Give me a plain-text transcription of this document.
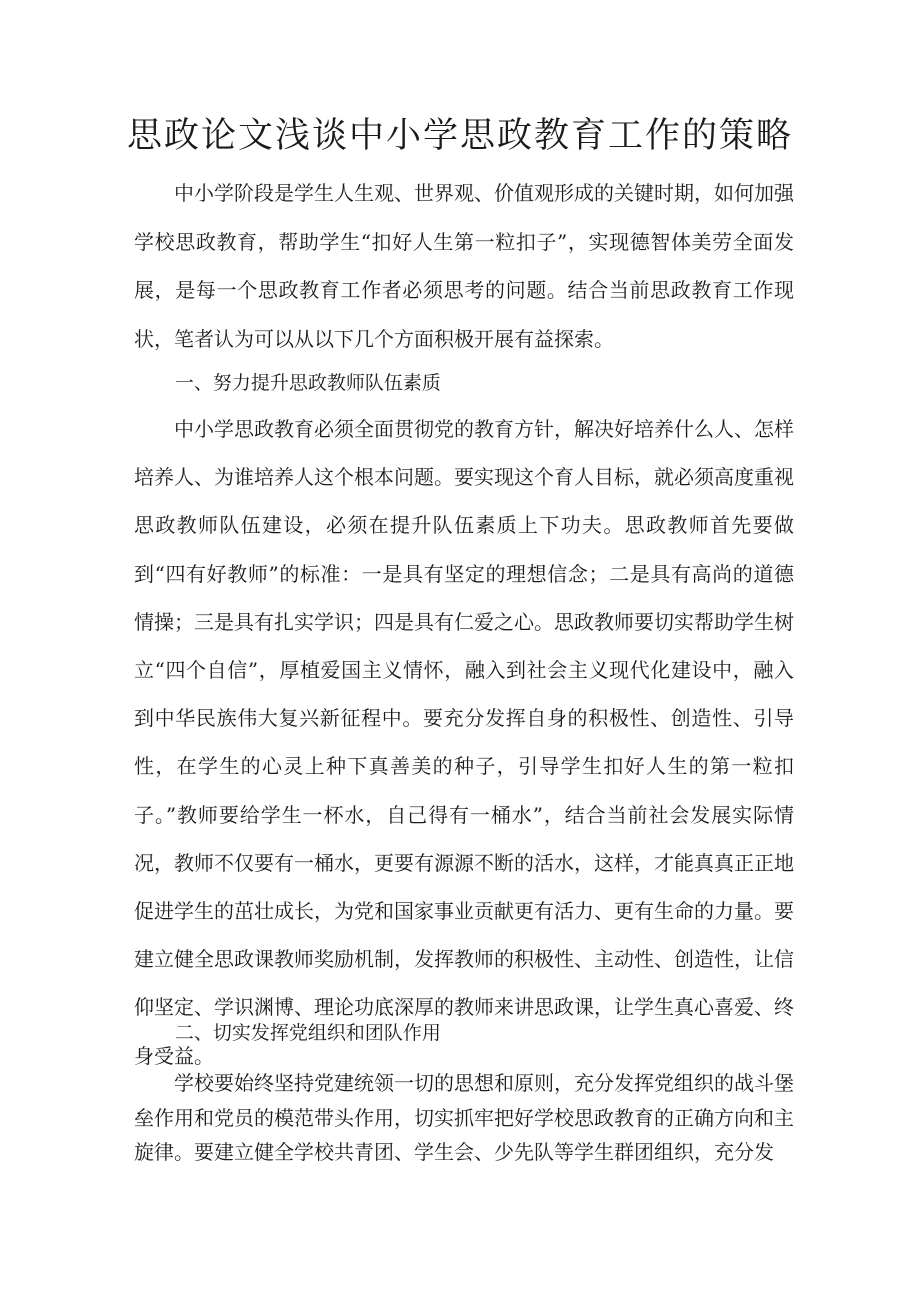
思政论文浅谈中小学思政教育工作的策略

中小学阶段是学生人生观、世界观、价值观形成的关键时期，如何加强学校思政教育，帮助学生“扣好人生第一粒扣子”，实现德智体美劳全面发展，是每一个思政教育工作者必须思考的问题。结合当前思政教育工作现状，笔者认为可以从以下几个方面积极开展有益探索。

一、努力提升思政教师队伍素质

中小学思政教育必须全面贯彻党的教育方针，解决好培养什么人、怎样培养人、为谁培养人这个根本问题。要实现这个育人目标，就必须高度重视思政教师队伍建设，必须在提升队伍素质上下功夫。思政教师首先要做到“四有好教师”的标准：一是具有坚定的理想信念；二是具有高尚的道德情操；三是具有扎实学识；四是具有仁爱之心。思政教师要切实帮助学生树立“四个自信”，厚植爱国主义情怀，融入到社会主义现代化建设中，融入到中华民族伟大复兴新征程中。要充分发挥自身的积极性、创造性、引导性，在学生的心灵上种下真善美的种子，引导学生扣好人生的第一粒扣子。”教师要给学生一杯水，自己得有一桶水”，结合当前社会发展实际情况，教师不仅要有一桶水，更要有源源不断的活水，这样，才能真真正正地促进学生的茁壮成长，为党和国家事业贡献更有活力、更有生命的力量。要建立健全思政课教师奖励机制，发挥教师的积极性、主动性、创造性，让信仰坚定、学识渊博、理论功底深厚的教师来讲思政课，让学生真心喜爱、终身受益。

二、切实发挥党组织和团队作用

学校要始终坚持党建统领一切的思想和原则，充分发挥党组织的战斗堡垒作用和党员的模范带头作用，切实抓牢把好学校思政教育的正确方向和主旋律。要建立健全学校共青团、学生会、少先队等学生群团组织，充分发
